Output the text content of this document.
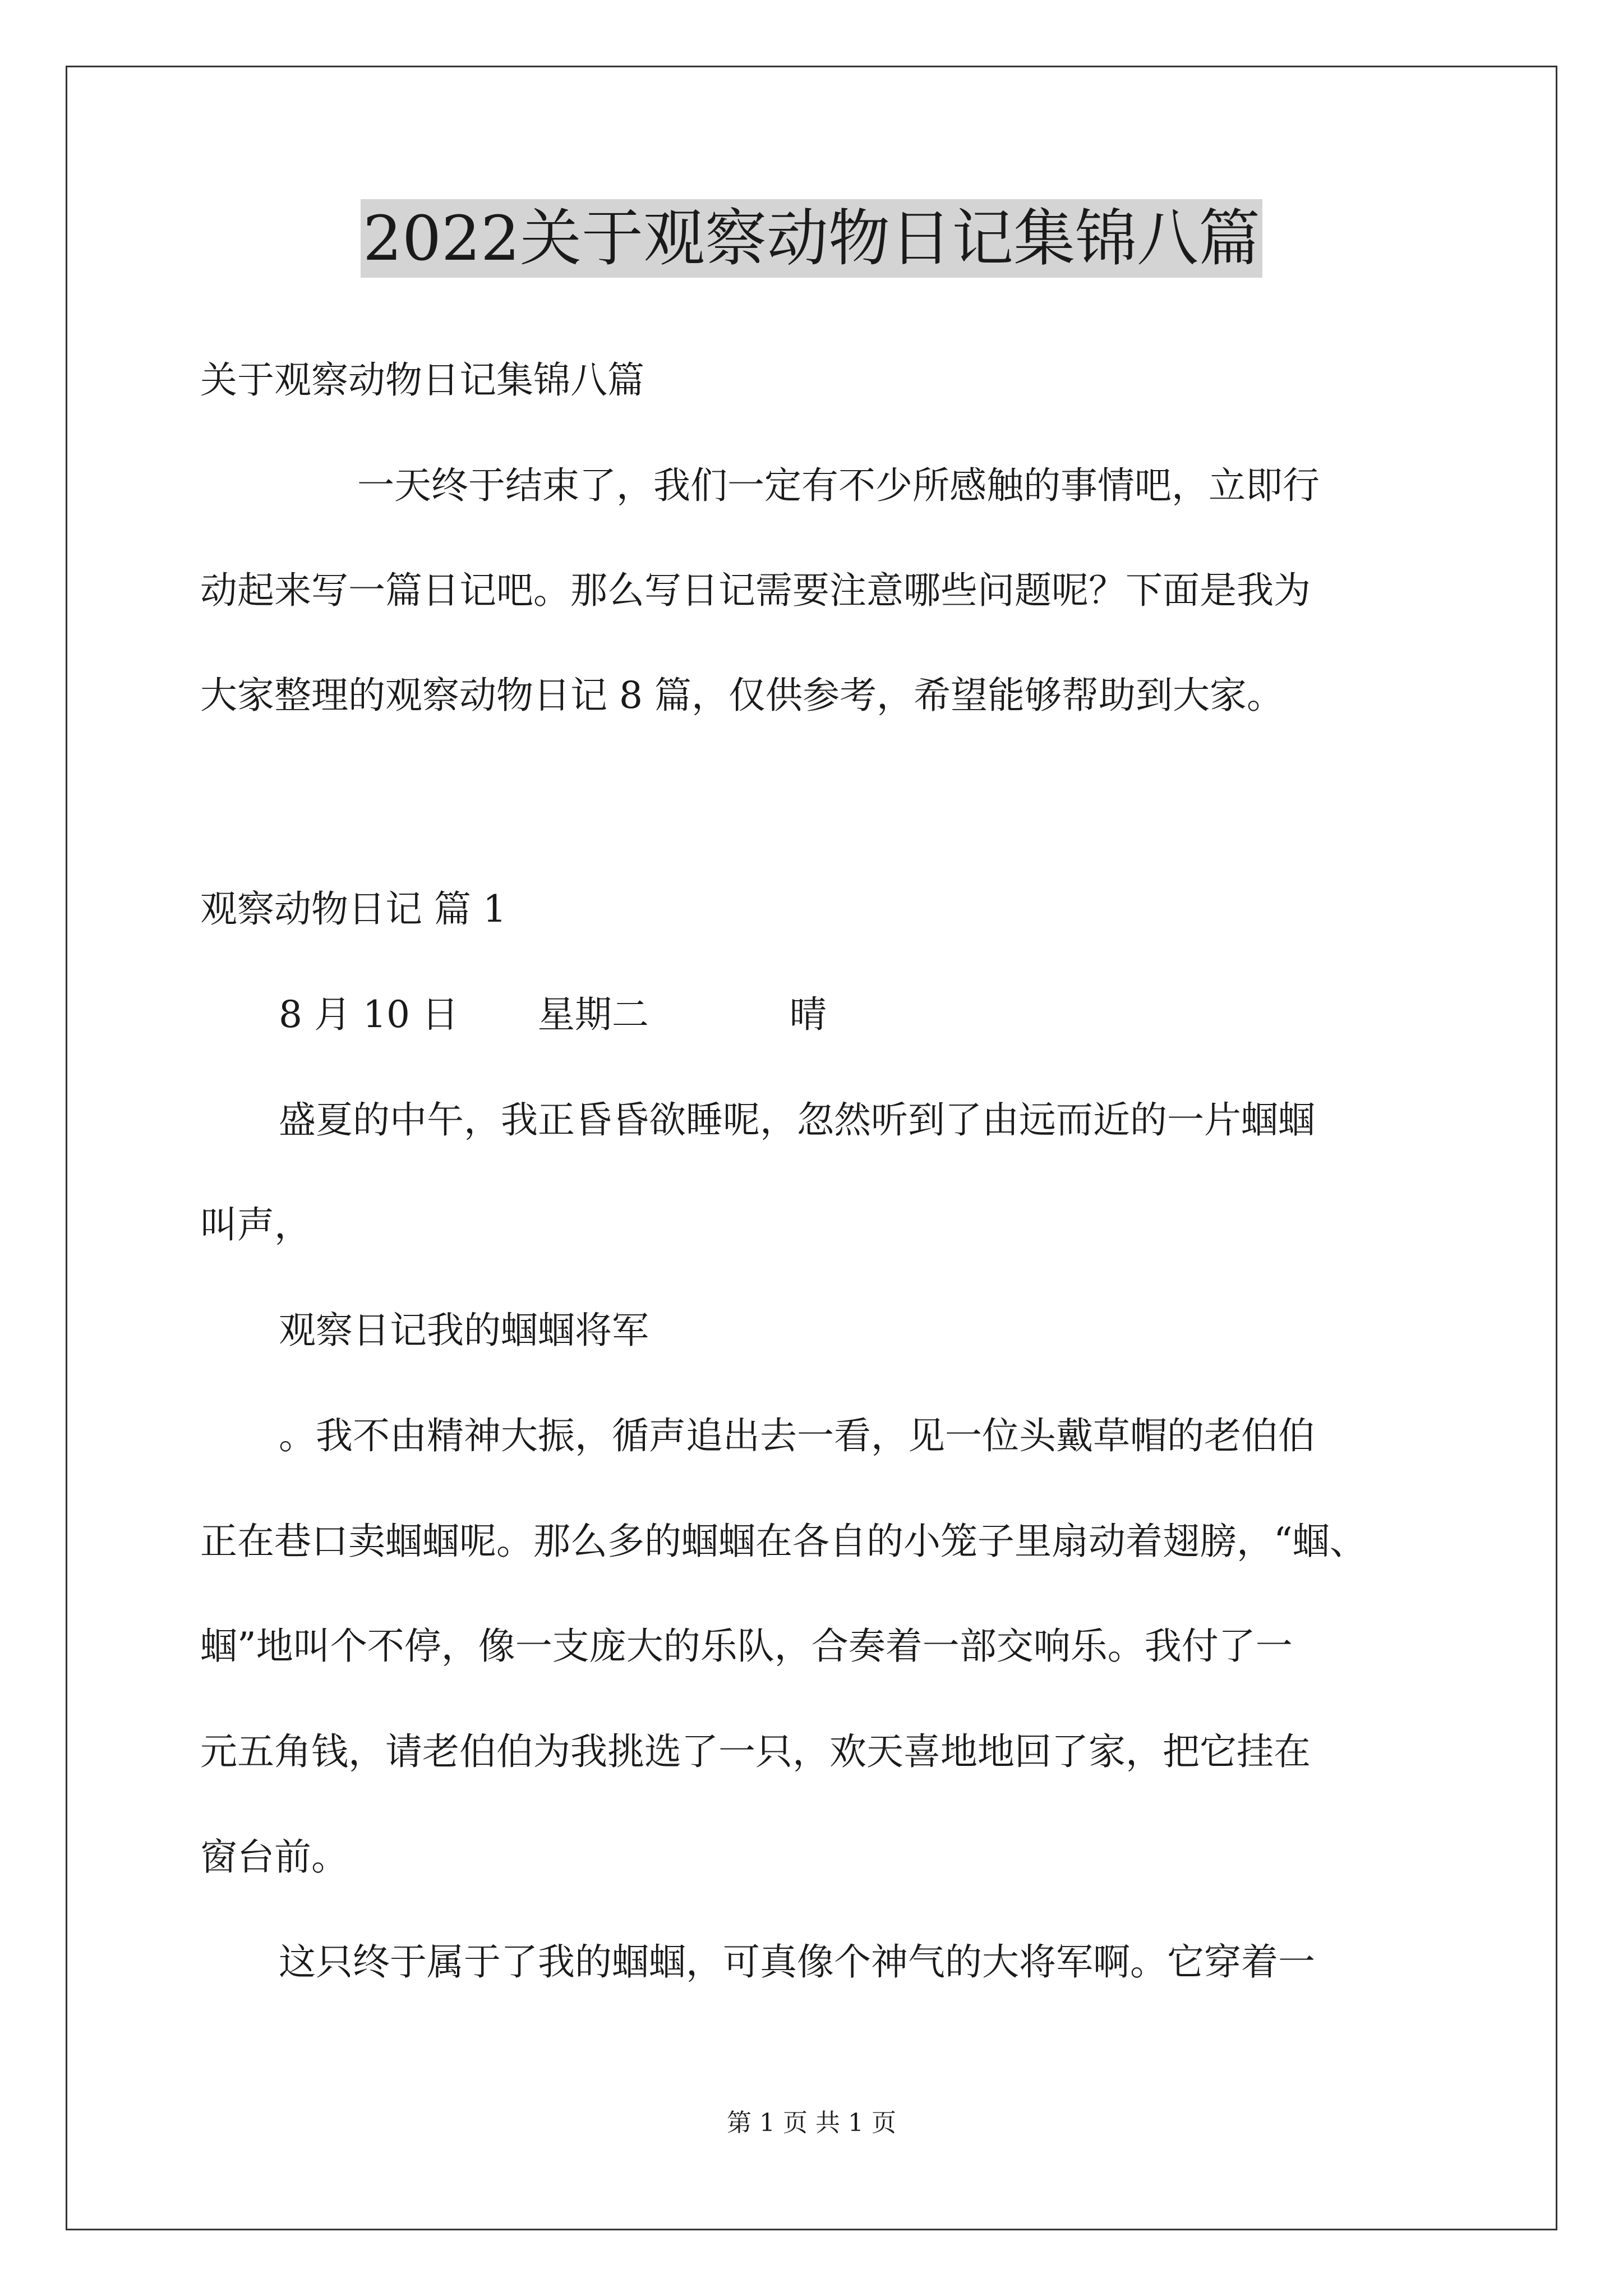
2022关于观察动物日记集锦八篇
关于观察动物日记集锦八篇
一天终于结束了，我们一定有不少所感触的事情吧，立即行
动起来写一篇日记吧。那么写日记需要注意哪些问题呢？下面是我为
大家整理的观察动物日记 8 篇，仅供参考，希望能够帮助到大家。
观察动物日记 篇 1
8 月 10 日 星期二	晴
盛夏的中午，我正昏昏欲睡呢，忽然听到了由远而近的一片蝈蝈
叫声，
观察日记我的蝈蝈将军
。我不由精神大振，循声追出去一看，见一位头戴草帽的老伯伯
正在巷口卖蝈蝈呢。那么多的蝈蝈在各自的小笼子里扇动着翅膀，“蝈、
蝈”地叫个不停，像一支庞大的乐队，合奏着一部交响乐。我付了一
元五角钱，请老伯伯为我挑选了一只，欢天喜地地回了家，把它挂在
窗台前。
这只终于属于了我的蝈蝈，可真像个神气的大将军啊。它穿着一
第 1 页 共 1 页
